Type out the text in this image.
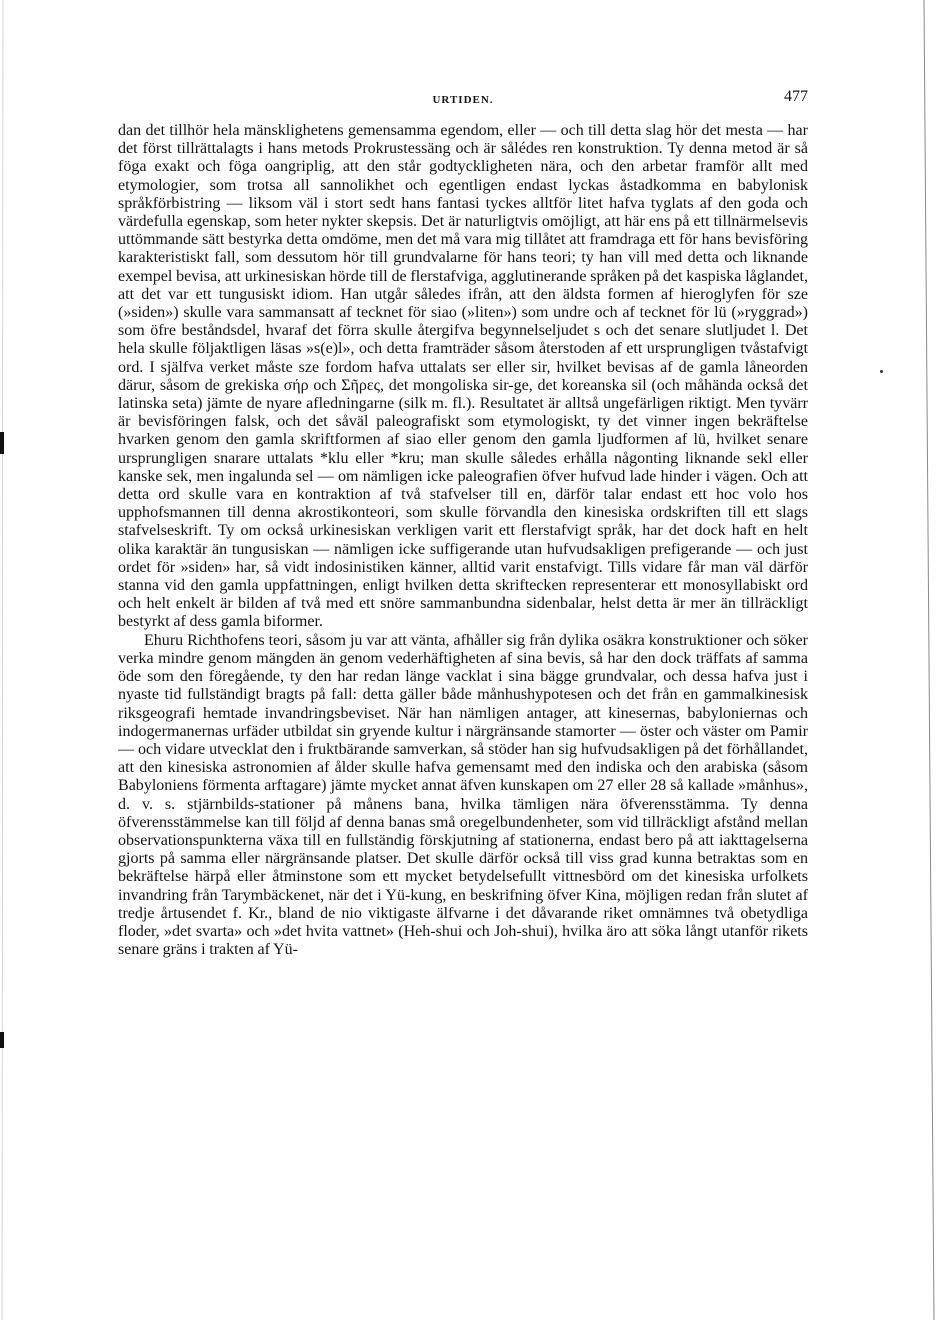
URTIDEN.	477

dan det tillhör hela mänsklighetens gemensamma egendom, eller — och till detta slag hör det mesta — har det först tillrättalagts i hans metods Prokrustessäng och är sålédes ren konstruktion. Ty denna metod är så föga exakt och föga oangriplig, att den står godtyckligheten nära, och den arbetar framför allt med etymologier, som trotsa all sannolikhet och egentligen endast lyckas åstadkomma en babylonisk språkförbistring — liksom väl i stort sedt hans fantasi tyckes alltför litet hafva tyglats af den goda och värdefulla egenskap, som heter nykter skepsis. Det är naturligtvis omöjligt, att här ens på ett tillnärmelsevis uttömmande sätt bestyrka detta omdöme, men det må vara mig tillåtet att framdraga ett för hans bevisföring karakteristiskt fall, som dessutom hör till grundvalarne för hans teori; ty han vill med detta och liknande exempel bevisa, att urkinesiskan hörde till de flerstafviga, agglutinerande språken på det kaspiska låglandet, att det var ett tungusiskt idiom. Han utgår således ifrån, att den äldsta formen af hieroglyfen för sze (»siden») skulle vara sammansatt af tecknet för siao (»liten») som undre och af tecknet för lü (»ryggrad») som öfre beståndsdel, hvaraf det förra skulle återgifva begynnelseljudet s och det senare slutljudet l. Det hela skulle följaktligen läsas »s(e)l», och detta framträder såsom återstoden af ett ursprungligen tvåstafvigt ord. I själfva verket måste sze fordom hafva uttalats ser eller sir, hvilket bevisas af de gamla låneorden därur, såsom de grekiska σήρ och Σῆρες, det mongoliska sir-ge, det koreanska sil (och måhända också det latinska seta) jämte de nyare afledningarne (silk m. fl.). Resultatet är alltså ungefärligen riktigt. Men tyvärr är bevisföringen falsk, och det såväl paleografiskt som etymologiskt, ty det vinner ingen bekräftelse hvarken genom den gamla skriftformen af siao eller genom den gamla ljudformen af lü, hvilket senare ursprungligen snarare uttalats *klu eller *kru; man skulle således erhålla någonting liknande sekl eller kanske sek, men ingalunda sel — om nämligen icke paleografien öfver hufvud lade hinder i vägen. Och att detta ord skulle vara en kontraktion af två stafvelser till en, därför talar endast ett hoc volo hos upphofsmannen till denna akrostikonteori, som skulle förvandla den kinesiska ordskriften till ett slags stafvelseskrift. Ty om också urkinesiskan verkligen varit ett flerstafvigt språk, har det dock haft en helt olika karaktär än tungusiskan — nämligen icke suffigerande utan hufvudsakligen prefigerande — och just ordet för »siden» har, så vidt indosinistiken känner, alltid varit enstafvigt. Tills vidare får man väl därför stanna vid den gamla uppfattningen, enligt hvilken detta skriftecken representerar ett monosyllabiskt ord och helt enkelt är bilden af två med ett snöre sammanbundna sidenbalar, helst detta är mer än tillräckligt bestyrkt af dess gamla biformer.

Ehuru Richthofens teori, såsom ju var att vänta, afhåller sig från dylika osäkra konstruktioner och söker verka mindre genom mängden än genom vederhäftigheten af sina bevis, så har den dock träffats af samma öde som den föregående, ty den har redan länge vacklat i sina bägge grundvalar, och dessa hafva just i nyaste tid fullständigt bragts på fall: detta gäller både månhushypotesen och det från en gammalkinesisk riksgeografi hemtade invandringsbeviset. När han nämligen antager, att kinesernas, babyloniernas och indogermanernas urfäder utbildat sin gryende kultur i närgränsande stamorter — öster och väster om Pamir — och vidare utvecklat den i fruktbärande samverkan, så stöder han sig hufvudsakligen på det förhållandet, att den kinesiska astronomien af ålder skulle hafva gemensamt med den indiska och den arabiska (såsom Babyloniens förmenta arftagare) jämte mycket annat äfven kunskapen om 27 eller 28 så kallade »månhus», d. v. s. stjärnbilds-stationer på månens bana, hvilka tämligen nära öfverensstämma. Ty denna öfverensstämmelse kan till följd af denna banas små oregelbundenheter, som vid tillräckligt afstånd mellan observationspunkterna växa till en fullständig förskjutning af stationerna, endast bero på att iakttagelserna gjorts på samma eller närgränsande platser. Det skulle därför också till viss grad kunna betraktas som en bekräftelse härpå eller åtminstone som ett mycket betydelsefullt vittnesbörd om det kinesiska urfolkets invandring från Tarymbäckenet, när det i Yü-kung, en beskrifning öfver Kina, möjligen redan från slutet af tredje årtusendet f. Kr., bland de nio viktigaste älfvarne i det dåvarande riket omnämnes två obetydliga floder, »det svarta» och »det hvita vattnet» (Heh-shui och Joh-shui), hvilka äro att söka långt utanför rikets senare gräns i trakten af Yü-
